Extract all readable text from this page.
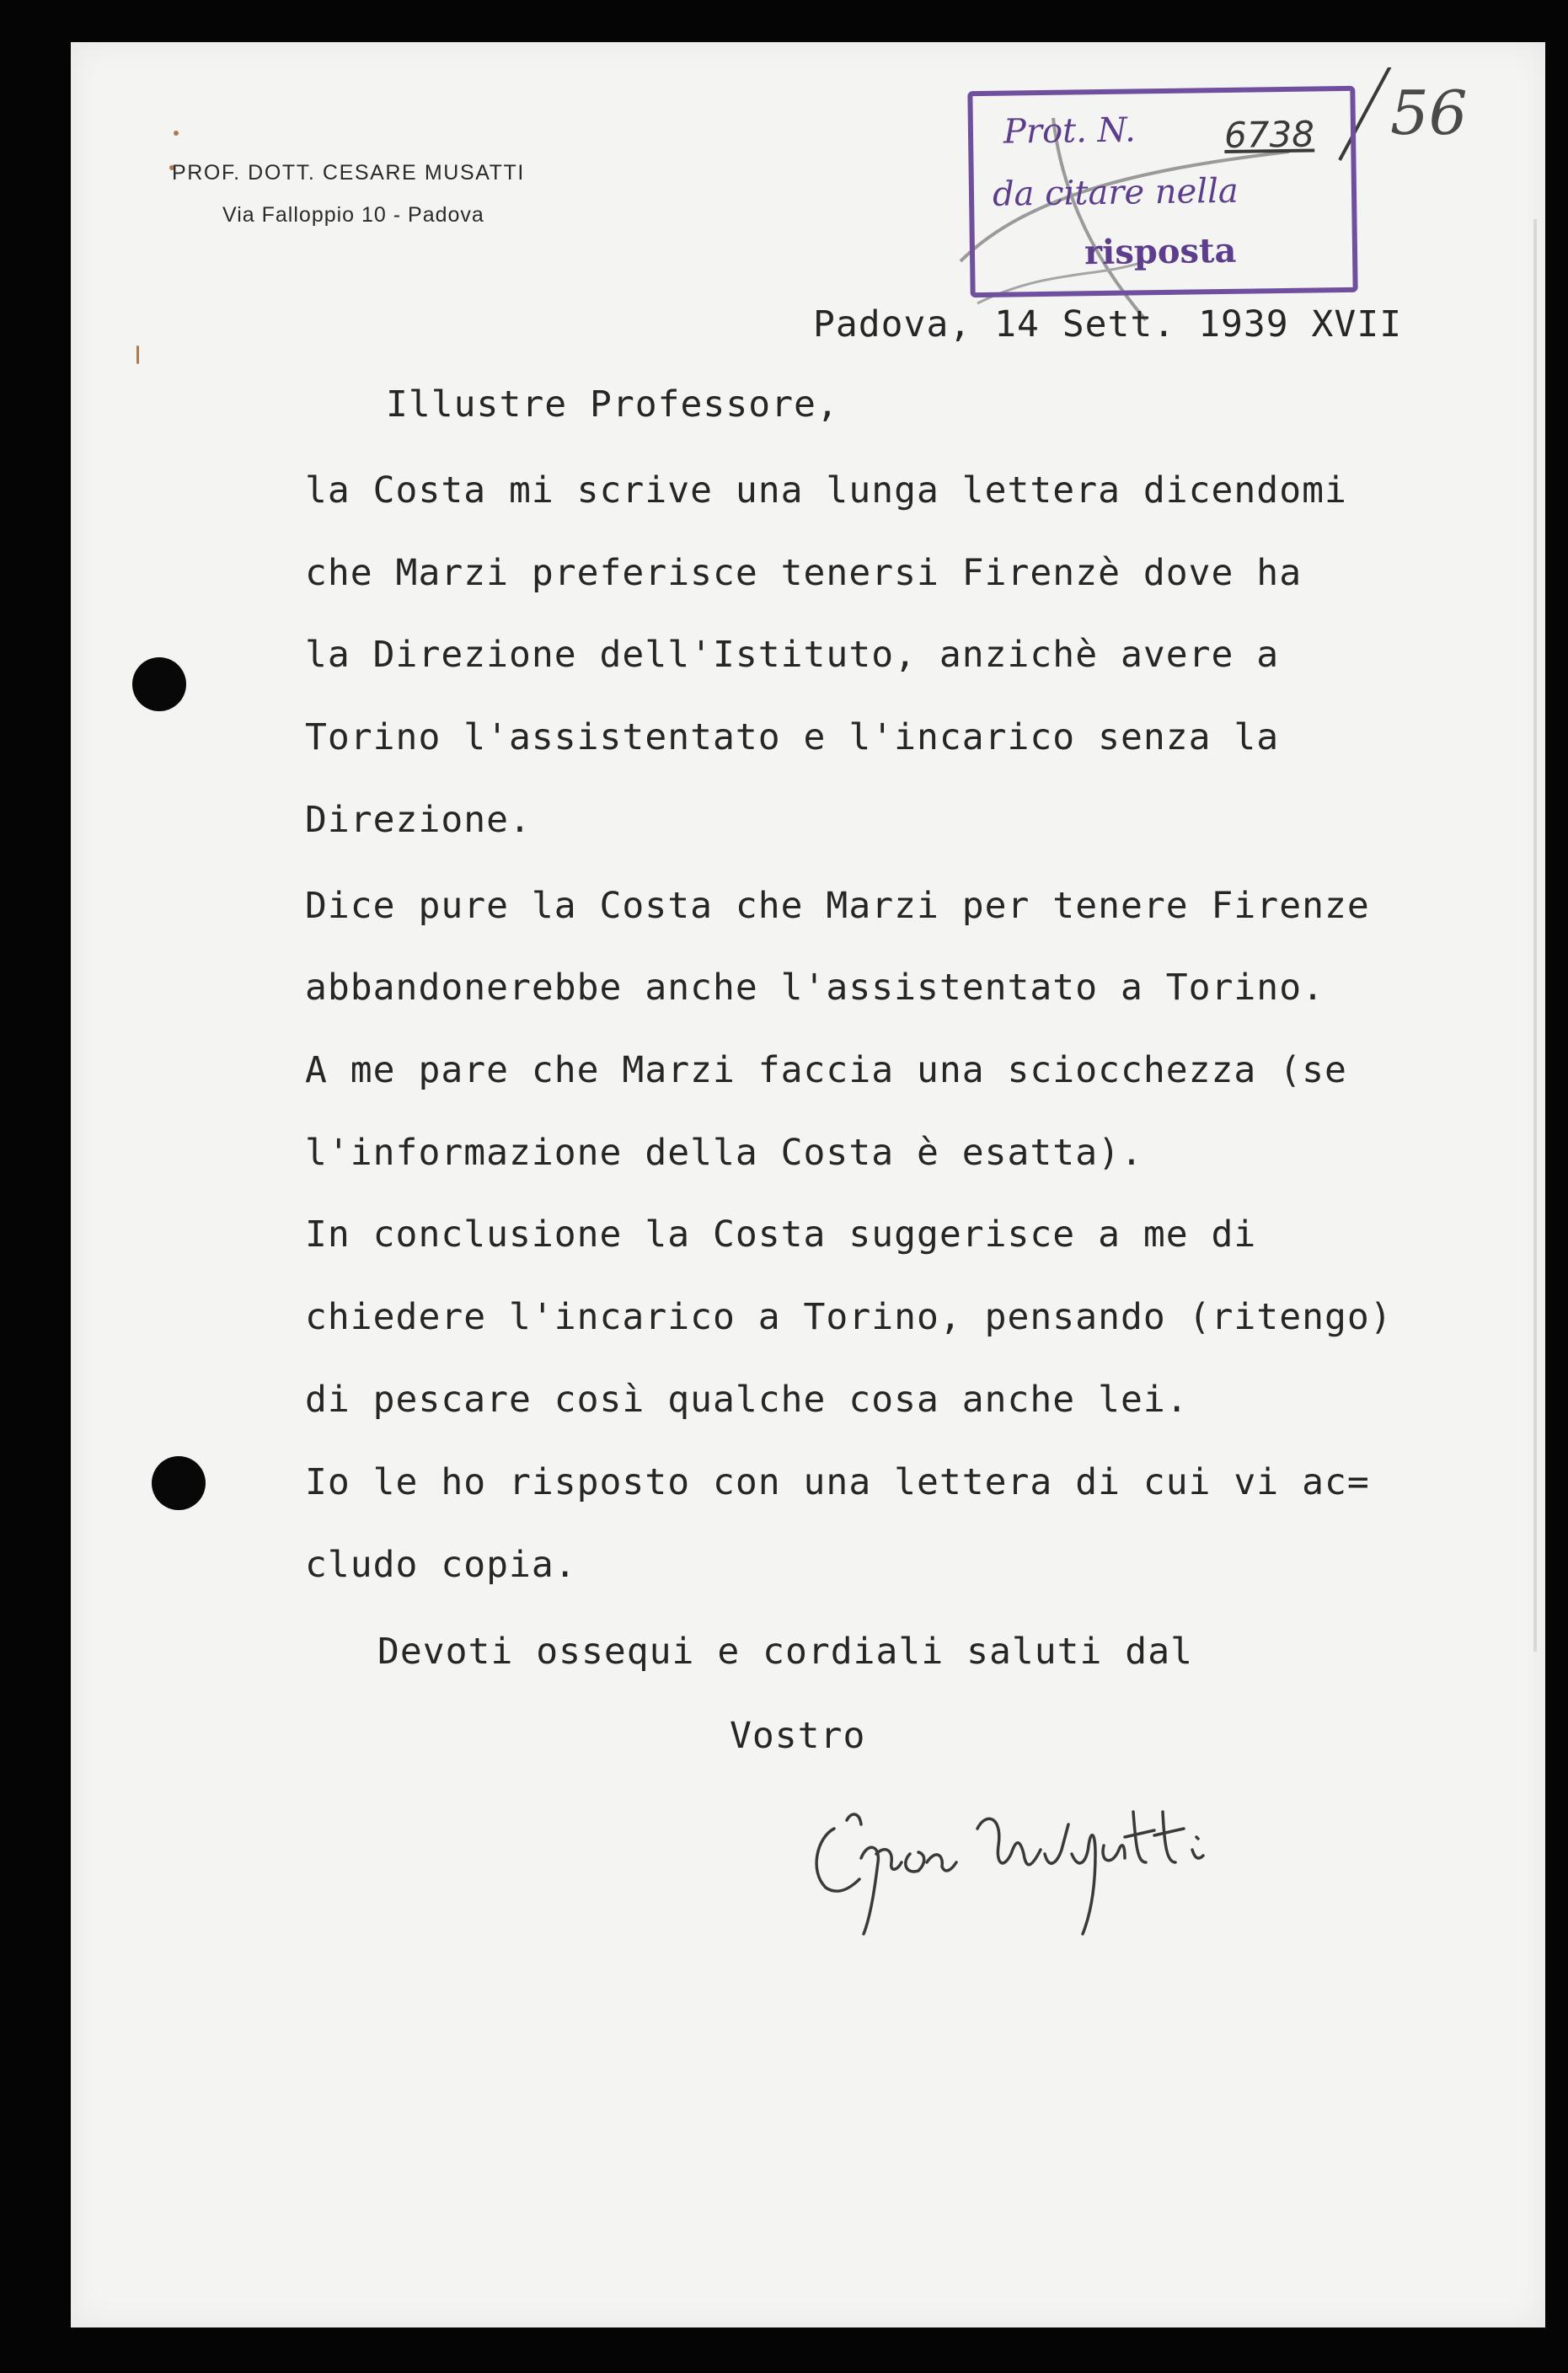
PROF. DOTT. CESARE MUSATTI
Via Falloppio 10 - Padova
Prot. N. 6738
da citare nella
risposta
56
Padova, 14 Sett. 1939 XVII
Illustre Professore,
la Costa mi scrive una lunga lettera dicendomi
che Marzi preferisce tenersi Firenzè dove ha
la Direzione dell'Istituto, anzichè avere a
Torino l'assistentato e l'incarico senza la
Direzione.
Dice pure la Costa che Marzi per tenere Firenze
abbandonerebbe anche l'assistentato a Torino.
A me pare che Marzi faccia una sciocchezza (se
l'informazione della Costa è esatta).
In conclusione la Costa suggerisce a me di
chiedere l'incarico a Torino, pensando (ritengo)
di pescare così qualche cosa anche lei.
Io le ho risposto con una lettera di cui vi ac=
cludo copia.
Devoti ossequi e cordiali saluti dal
Vostro
